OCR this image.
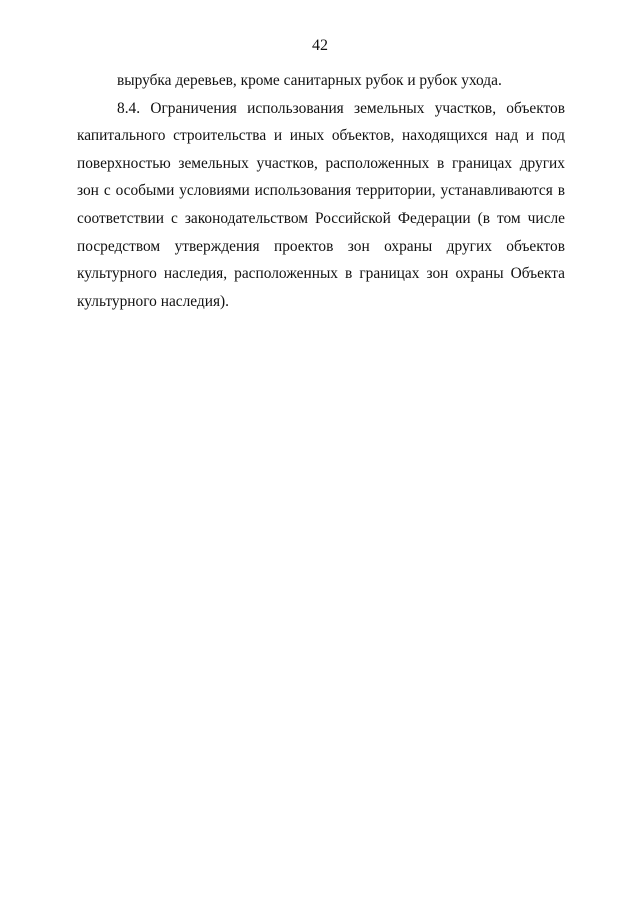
42

вырубка деревьев, кроме санитарных рубок и рубок ухода.

8.4. Ограничения использования земельных участков, объектов капитального строительства и иных объектов, находящихся над и под поверхностью земельных участков, расположенных в границах других зон с особыми условиями использования территории, устанавливаются в соответствии с законодательством Российской Федерации (в том числе посредством утверждения проектов зон охраны других объектов культурного наследия, расположенных в границах зон охраны Объекта культурного наследия).
